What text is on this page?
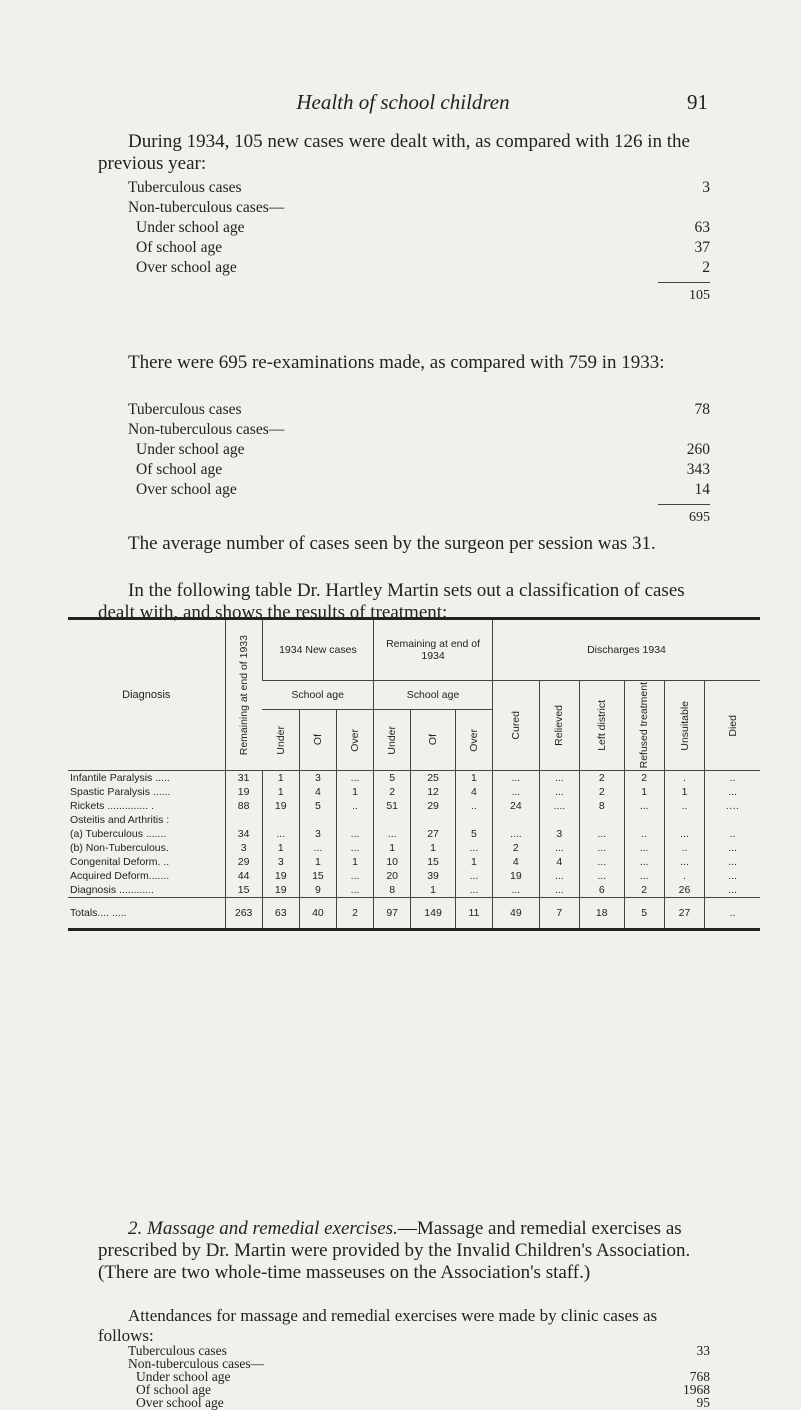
Health of school children	91
During 1934, 105 new cases were dealt with, as compared with 126 in the previous year:
Tuberculous cases	3
Non-tuberculous cases—
Under school age	63
Of school age	37
Over school age	2
105
There were 695 re-examinations made, as compared with 759 in 1933:
Tuberculous cases	78
Non-tuberculous cases—
Under school age	260
Of school age	343
Over school age	14
695
The average number of cases seen by the surgeon per session was 31.
In the following table Dr. Hartley Martin sets out a classification of cases dealt with, and shows the results of treatment:
Diagnosis	Remaining at end of 1933	1934 New cases			Remaining at end of 1934			Discharges 1934					
		School age			School age			Cured	Relieved	Left district	Refused treatment	Unsuitable	Died

		Under	Of	Over	Under	Of	Over						

Infantile Paralysis .....	31	1	3	...	5	25	1	...	...	2	2	.	..
Spastic Paralysis ......	19	1	4	1	2	12	4	...	...	2	1	1	...
Rickets .............. .	88	19	5	..	51	29	..	24	....	8	...	..	.…
Osteitis and Arthritis :													
(a) Tuberculous .......	34	...	3	...	...	27	5	....	3	...	..	...	..
(b) Non-Tuberculous.	3	1	...	...	1	1	...	2	...	...	...	..	...
Congenital Deform. ..	29	3	1	1	10	15	1	4	4	...	...	...	...
Acquired Deform.......	44	19	15	...	20	39	...	19	...	...	...	.	...
Diagnosis ............	15	19	9	...	8	1	...	...	...	6	2	26	...
Totals.... .....	263	63	40	2	97	149	11	49	7	18	5	27	..
2. Massage and remedial exercises.—Massage and remedial exercises as prescribed by Dr. Martin were provided by the Invalid Children's Association. (There are two whole-time masseuses on the Association's staff.)
Attendances for massage and remedial exercises were made by clinic cases as follows:
Tuberculous cases	33
Non-tuberculous cases—
Under school age	768
Of school age	1968
Over school age	95
